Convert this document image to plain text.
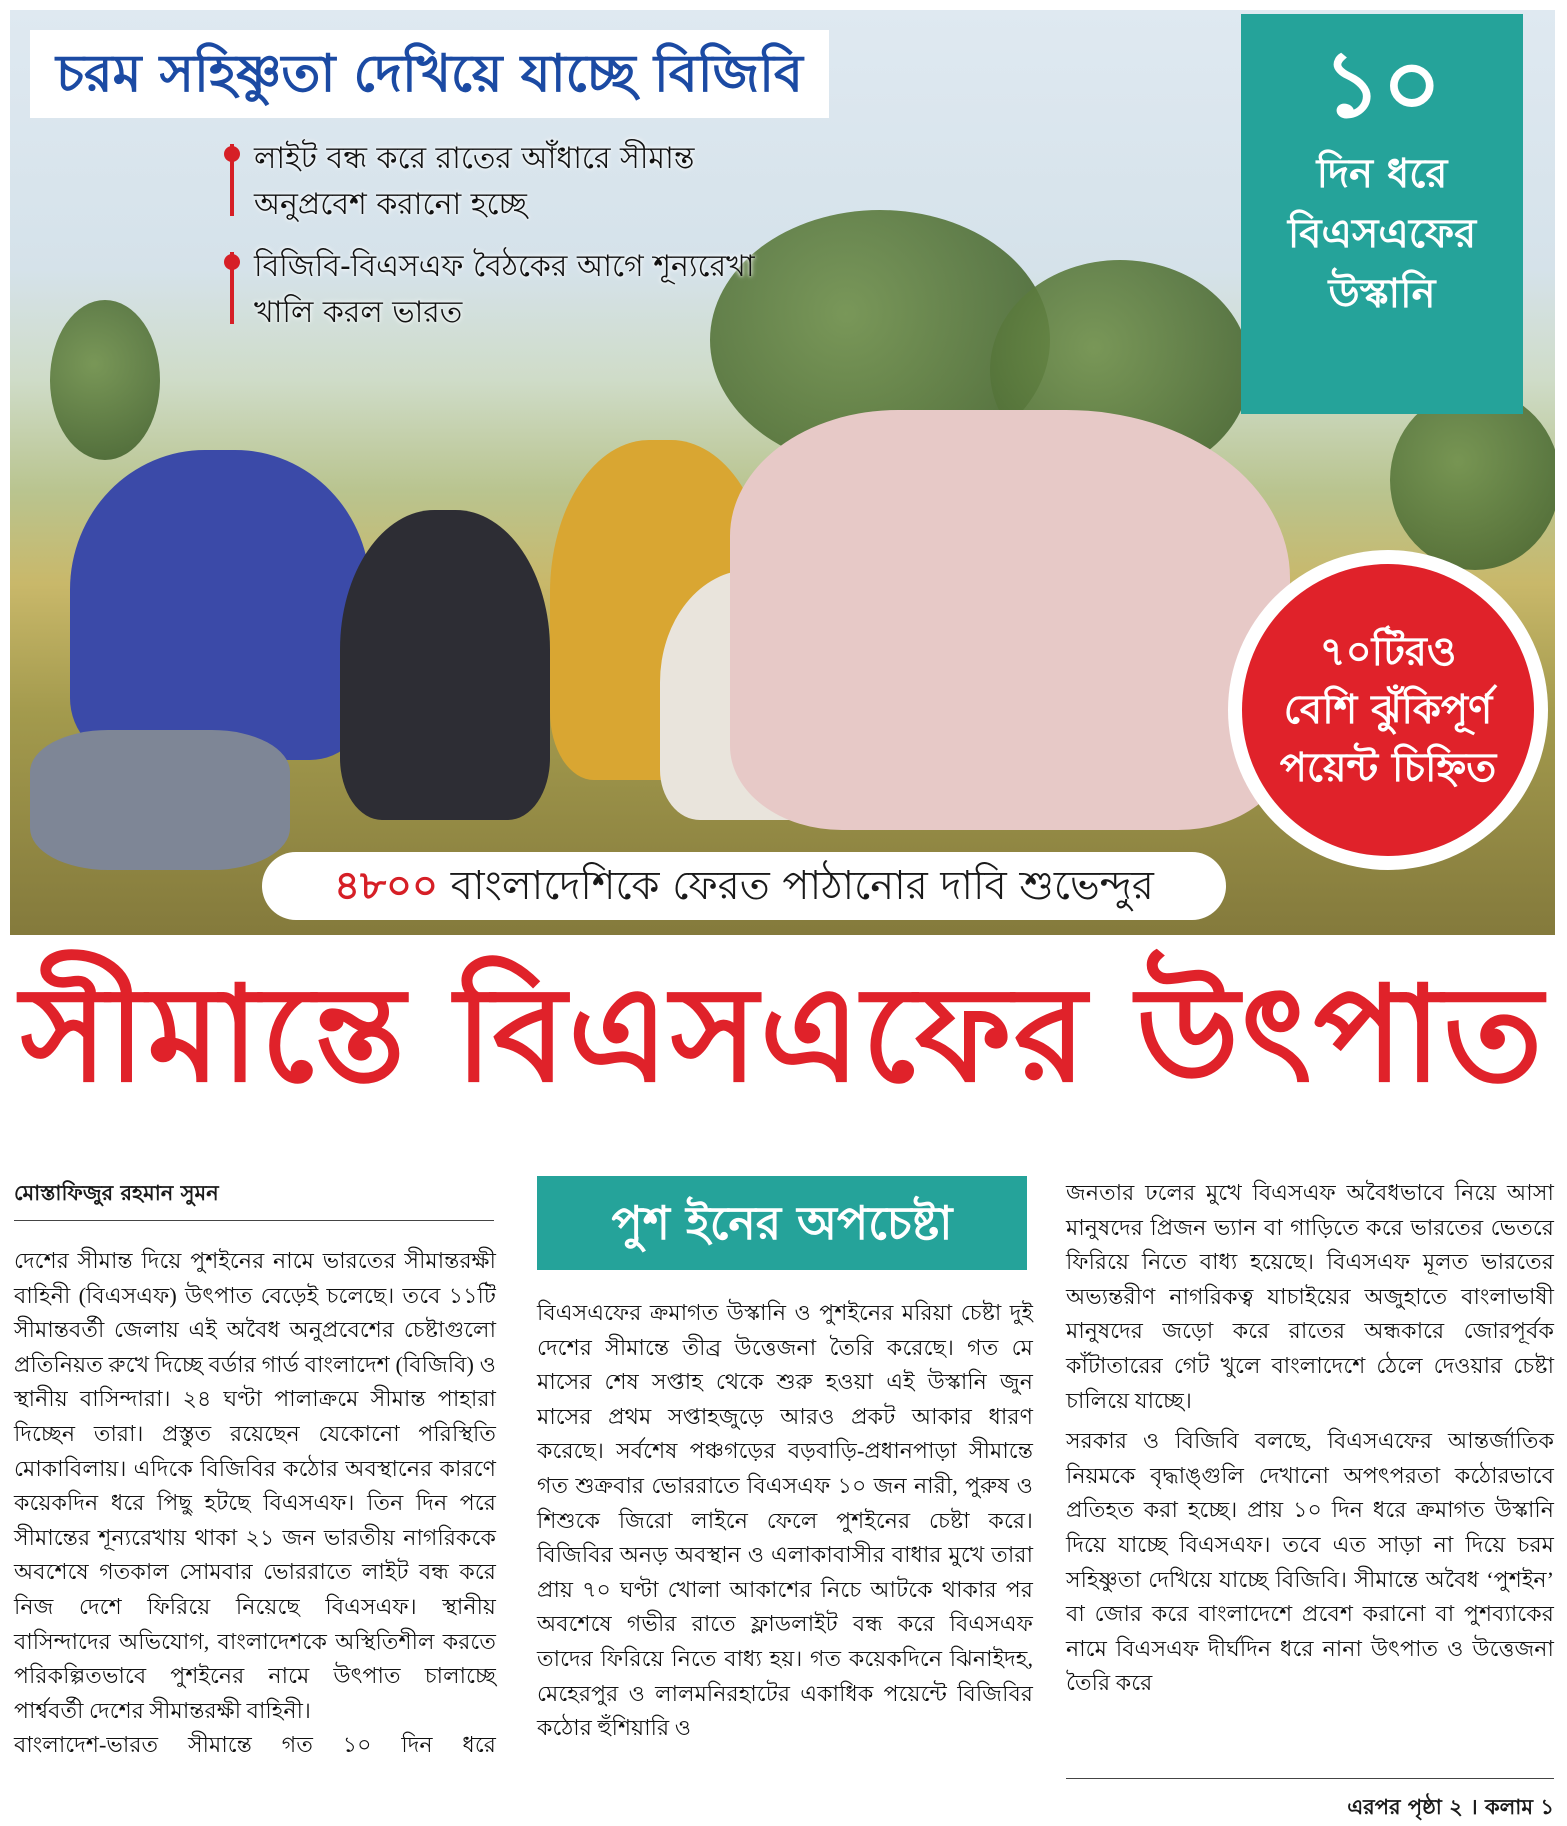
চরম সহিষ্ণুতা দেখিয়ে যাচ্ছে বিজিবি
লাইট বন্ধ করে রাতের আঁধারে সীমান্ত অনুপ্রবেশ করানো হচ্ছে
বিজিবি-বিএসএফ বৈঠকের আগে শূন্যরেখা খালি করল ভারত
১০
দিন ধরে
বিএসএফের
উস্কানি
৭০টিরও
বেশি ঝুঁকিপূর্ণ
পয়েন্ট চিহ্নিত
৪৮০০ বাংলাদেশিকে ফেরত পাঠানোর দাবি শুভেন্দুর
সীমান্তে বিএসএফের উৎপাত
মোস্তাফিজুর রহমান সুমন

দেশের সীমান্ত দিয়ে পুশইনের নামে ভারতের সীমান্তরক্ষী বাহিনী (বিএসএফ) উৎপাত বেড়েই চলেছে। তবে ১১টি সীমান্তবর্তী জেলায় এই অবৈধ অনুপ্রবেশের চেষ্টাগুলো প্রতিনিয়ত রুখে দিচ্ছে বর্ডার গার্ড বাংলাদেশ (বিজিবি) ও স্থানীয় বাসিন্দারা। ২৪ ঘণ্টা পালাক্রমে সীমান্ত পাহারা দিচ্ছেন তারা। প্রস্তুত রয়েছেন যেকোনো পরিস্থিতি মোকাবিলায়। এদিকে বিজিবির কঠোর অবস্থানের কারণে কয়েকদিন ধরে পিছু হটছে বিএসএফ। তিন দিন পরে সীমান্তের শূন্যরেখায় থাকা ২১ জন ভারতীয় নাগরিককে অবশেষে গতকাল সোমবার ভোররাতে লাইট বন্ধ করে নিজ দেশে ফিরিয়ে নিয়েছে বিএসএফ। স্থানীয় বাসিন্দাদের অভিযোগ, বাংলাদেশকে অস্থিতিশীল করতে পরিকল্পিতভাবে পুশইনের নামে উৎপাত চালাচ্ছে পার্শ্ববর্তী দেশের সীমান্তরক্ষী বাহিনী।

বাংলাদেশ-ভারত সীমান্তে গত ১০ দিন ধরে

পুশ ইনের অপচেষ্টা

বিএসএফের ক্রমাগত উস্কানি ও পুশইনের মরিয়া চেষ্টা দুই দেশের সীমান্তে তীব্র উত্তেজনা তৈরি করেছে। গত মে মাসের শেষ সপ্তাহ থেকে শুরু হওয়া এই উস্কানি জুন মাসের প্রথম সপ্তাহজুড়ে আরও প্রকট আকার ধারণ করেছে। সর্বশেষ পঞ্চগড়ের বড়বাড়ি-প্রধানপাড়া সীমান্তে গত শুক্রবার ভোররাতে বিএসএফ ১০ জন নারী, পুরুষ ও শিশুকে জিরো লাইনে ফেলে পুশইনের চেষ্টা করে। বিজিবির অনড় অবস্থান ও এলাকাবাসীর বাধার মুখে তারা প্রায় ৭০ ঘণ্টা খোলা আকাশের নিচে আটকে থাকার পর অবশেষে গভীর রাতে ফ্লাডলাইট বন্ধ করে বিএসএফ তাদের ফিরিয়ে নিতে বাধ্য হয়। গত কয়েকদিনে ঝিনাইদহ, মেহেরপুর ও লালমনিরহাটের একাধিক পয়েন্টে বিজিবির কঠোর হুঁশিয়ারি ও

জনতার ঢলের মুখে বিএসএফ অবৈধভাবে নিয়ে আসা মানুষদের প্রিজন ভ্যান বা গাড়িতে করে ভারতের ভেতরে ফিরিয়ে নিতে বাধ্য হয়েছে। বিএসএফ মূলত ভারতের অভ্যন্তরীণ নাগরিকত্ব যাচাইয়ের অজুহাতে বাংলাভাষী মানুষদের জড়ো করে রাতের অন্ধকারে জোরপূর্বক কাঁটাতারের গেট খুলে বাংলাদেশে ঠেলে দেওয়ার চেষ্টা চালিয়ে যাচ্ছে।

সরকার ও বিজিবি বলছে, বিএসএফের আন্তর্জাতিক নিয়মকে বৃদ্ধাঙ্গুলি দেখানো অপৎপরতা কঠোরভাবে প্রতিহত করা হচ্ছে। প্রায় ১০ দিন ধরে ক্রমাগত উস্কানি দিয়ে যাচ্ছে বিএসএফ। তবে এত সাড়া না দিয়ে চরম সহিষ্ণুতা দেখিয়ে যাচ্ছে বিজিবি। সীমান্তে অবৈধ ‘পুশইন’ বা জোর করে বাংলাদেশে প্রবেশ করানো বা পুশব্যাকের নামে বিএসএফ দীর্ঘদিন ধরে নানা উৎপাত ও উত্তেজনা তৈরি করে

এরপর পৃষ্ঠা ২ । কলাম ১
